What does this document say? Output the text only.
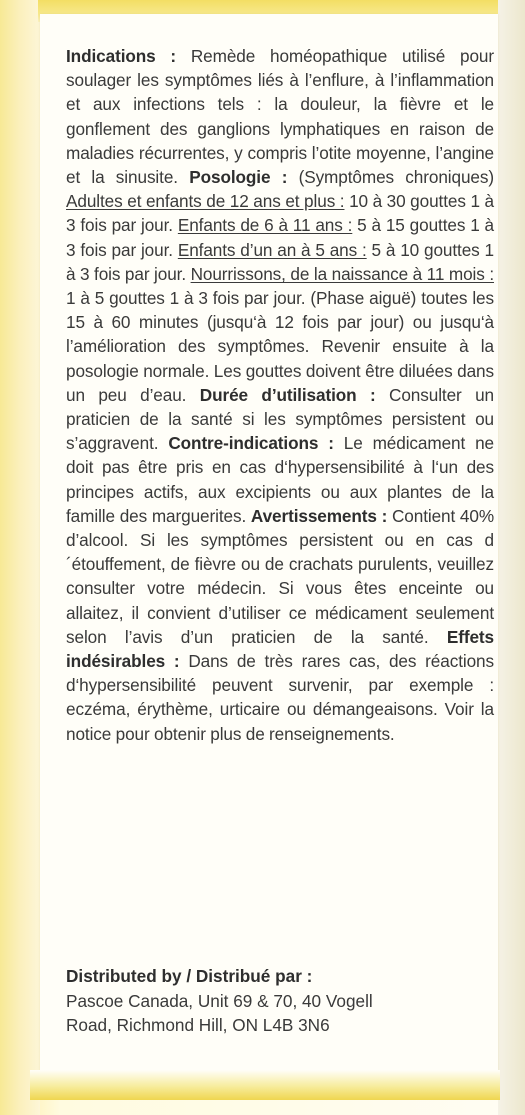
Indications : Remède homéopathique utilisé pour soulager les symptômes liés à l’enflure, à l’inflammation et aux infections tels : la douleur, la fièvre et le gonflement des ganglions lymphatiques en raison de maladies récurrentes, y compris l’otite moyenne, l’angine et la sinusite. Posologie : (Symptômes chroniques) Adultes et enfants de 12 ans et plus : 10 à 30 gouttes 1 à 3 fois par jour. Enfants de 6 à 11 ans : 5 à 15 gouttes 1 à 3 fois par jour. Enfants d’un an à 5 ans : 5 à 10 gouttes 1 à 3 fois par jour. Nourrissons, de la naissance à 11 mois : 1 à 5 gouttes 1 à 3 fois par jour. (Phase aiguë) toutes les 15 à 60 minutes (jusqu‘à 12 fois par jour) ou jusqu‘à l’amélioration des symptômes. Revenir ensuite à la posologie normale. Les gouttes doivent être diluées dans un peu d’eau. Durée d’utilisation : Consulter un praticien de la santé si les symptômes persistent ou s’aggravent. Contre-indications : Le médicament ne doit pas être pris en cas d‘hypersensibilité à l‘un des principes actifs, aux excipients ou aux plantes de la famille des marguerites. Avertissements : Contient 40% d’alcool. Si les symptômes persistent ou en cas d´étouffement, de fièvre ou de crachats purulents, veuillez consulter votre médecin. Si vous êtes enceinte ou allaitez, il convient d’utiliser ce médicament seulement selon l’avis d’un praticien de la santé. Effets indésirables : Dans de très rares cas, des réactions d‘hypersensibilité peuvent survenir, par exemple : eczéma, érythème, urticaire ou démangeaisons. Voir la notice pour obtenir plus de renseignements.
Distributed by / Distribué par :
Pascoe Canada, Unit 69 & 70, 40 Vogell
Road, Richmond Hill, ON L4B 3N6
